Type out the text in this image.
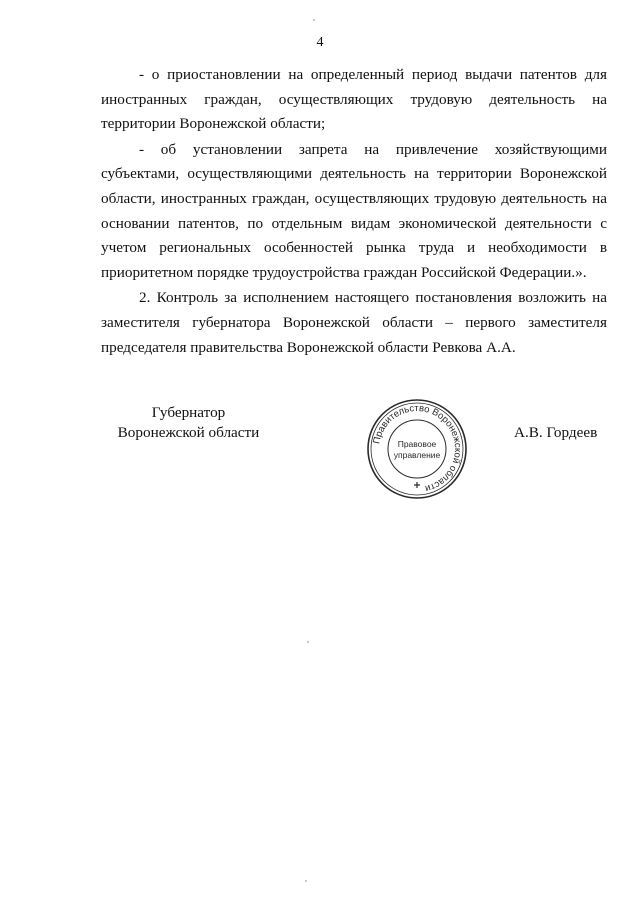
4

- о приостановлении на определенный период выдачи патентов для иностранных граждан, осуществляющих трудовую деятельность на территории Воронежской области;

- об установлении запрета на привлечение хозяйствующими субъектами, осуществляющими деятельность на территории Воронежской области, иностранных граждан, осуществляющих трудовую деятельность на основании патентов, по отдельным видам экономической деятельности с учетом региональных особенностей рынка труда и необходимости в приоритетном порядке трудоустройства граждан Российской Федерации.».

2. Контроль за исполнением настоящего постановления возложить на заместителя губернатора Воронежской области – первого заместителя председателя правительства Воронежской области Ревкова А.А.

Губернатор
Воронежской области	Правительство Воронежской области
Правовое
управление
А.В. Гордеев
